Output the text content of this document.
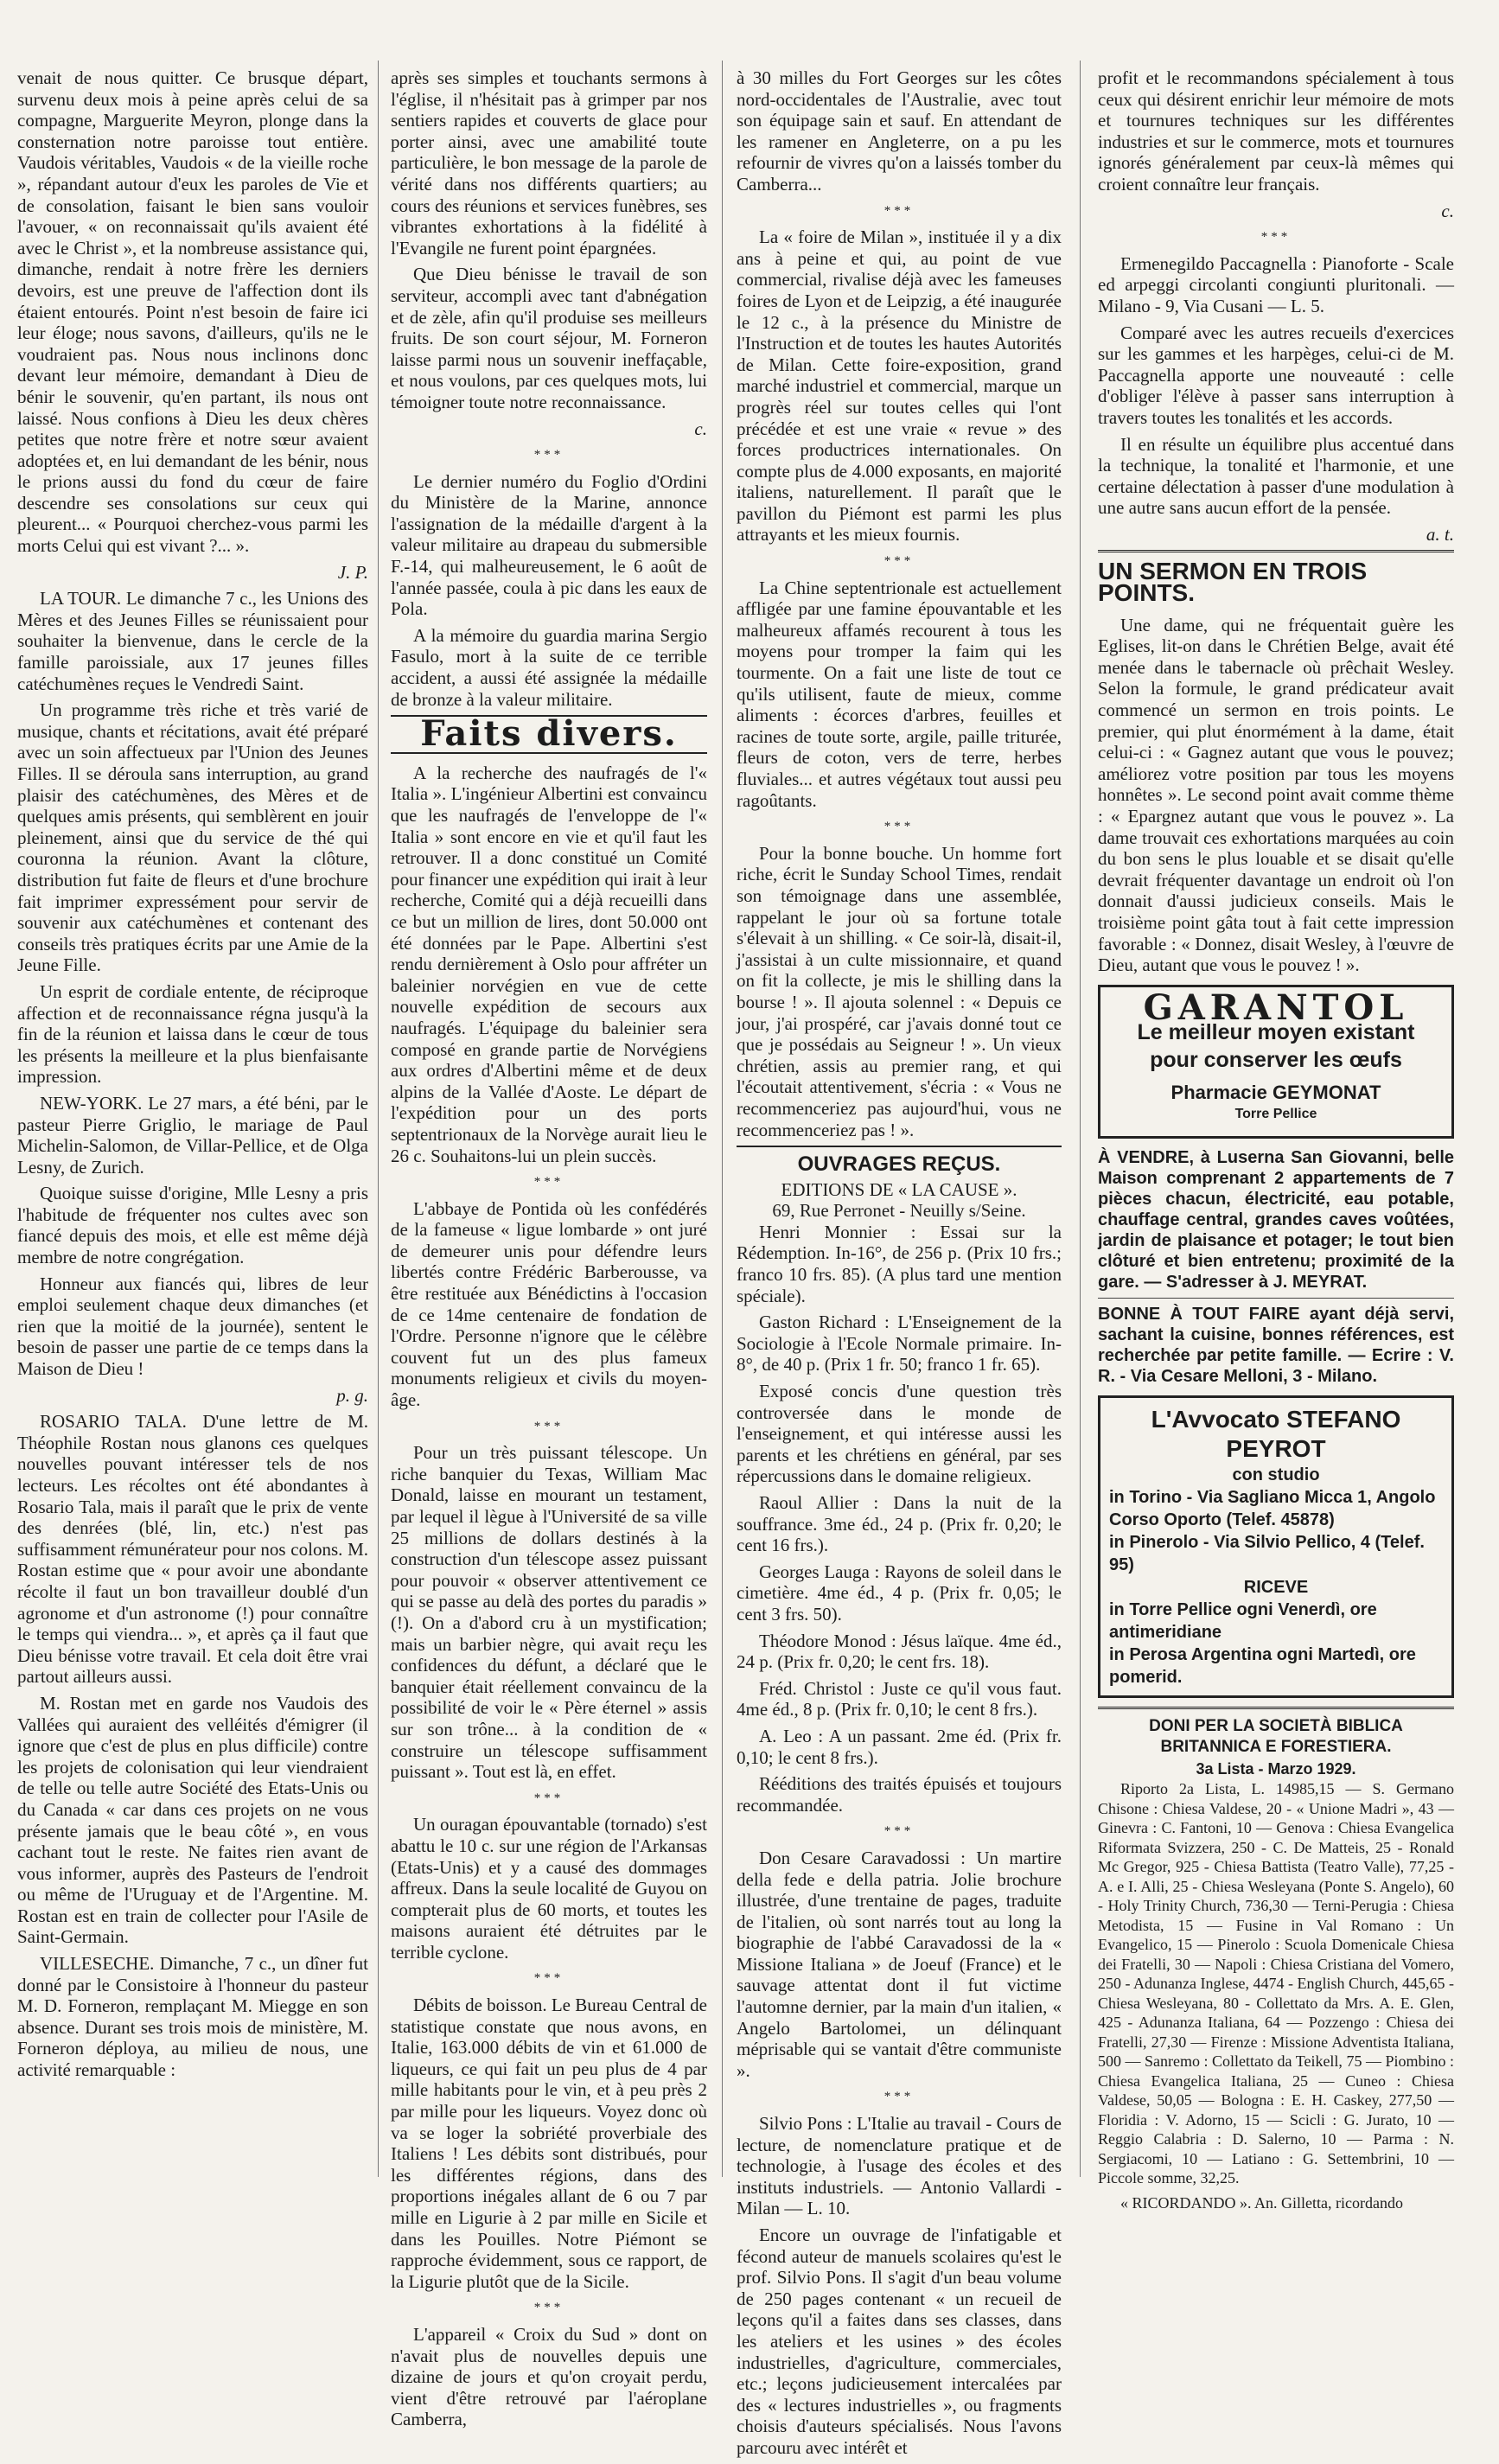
venait de nous quitter. Ce brusque départ, survenu deux mois à peine après celui de sa compagne, Marguerite Meyron, plonge dans la consternation notre paroisse tout entière. Vaudois véritables, Vaudois « de la vieille roche », répandant autour d'eux les paroles de Vie et de consolation, faisant le bien sans vouloir l'avouer, « on reconnaissait qu'ils avaient été avec le Christ », et la nombreuse assistance qui, dimanche, rendait à notre frère les derniers devoirs, est une preuve de l'affection dont ils étaient entourés. Point n'est besoin de faire ici leur éloge; nous savons, d'ailleurs, qu'ils ne le voudraient pas. Nous nous inclinons donc devant leur mémoire, demandant à Dieu de bénir le souvenir, qu'en partant, ils nous ont laissé. Nous confions à Dieu les deux chères petites que notre frère et notre sœur avaient adoptées et, en lui demandant de les bénir, nous le prions aussi du fond du cœur de faire descendre ses consolations sur ceux qui pleurent... « Pourquoi cherchez-vous parmi les morts Celui qui est vivant ?... ».

J. P.

LA TOUR. Le dimanche 7 c., les Unions des Mères et des Jeunes Filles se réunissaient pour souhaiter la bienvenue, dans le cercle de la famille paroissiale, aux 17 jeunes filles catéchumènes reçues le Vendredi Saint.

Un programme très riche et très varié de musique, chants et récitations, avait été préparé avec un soin affectueux par l'Union des Jeunes Filles. Il se déroula sans interruption, au grand plaisir des catéchumènes, des Mères et de quelques amis présents, qui semblèrent en jouir pleinement, ainsi que du service de thé qui couronna la réunion. Avant la clôture, distribution fut faite de fleurs et d'une brochure fait imprimer expressément pour servir de souvenir aux catéchumènes et contenant des conseils très pratiques écrits par une Amie de la Jeune Fille.

Un esprit de cordiale entente, de réciproque affection et de reconnaissance régna jusqu'à la fin de la réunion et laissa dans le cœur de tous les présents la meilleure et la plus bienfaisante impression.

NEW-YORK. Le 27 mars, a été béni, par le pasteur Pierre Griglio, le mariage de Paul Michelin-Salomon, de Villar-Pellice, et de Olga Lesny, de Zurich.

Quoique suisse d'origine, Mlle Lesny a pris l'habitude de fréquenter nos cultes avec son fiancé depuis des mois, et elle est même déjà membre de notre congrégation.

Honneur aux fiancés qui, libres de leur emploi seulement chaque deux dimanches (et rien que la moitié de la journée), sentent le besoin de passer une partie de ce temps dans la Maison de Dieu !

p. g.

ROSARIO TALA. D'une lettre de M. Théophile Rostan nous glanons ces quelques nouvelles pouvant intéresser tels de nos lecteurs. Les récoltes ont été abondantes à Rosario Tala, mais il paraît que le prix de vente des denrées (blé, lin, etc.) n'est pas suffisamment rémunérateur pour nos colons. M. Rostan estime que « pour avoir une abondante récolte il faut un bon travailleur doublé d'un agronome et d'un astronome (!) pour connaître le temps qui viendra... », et après ça il faut que Dieu bénisse votre travail. Et cela doit être vrai partout ailleurs aussi.

M. Rostan met en garde nos Vaudois des Vallées qui auraient des velléités d'émigrer (il ignore que c'est de plus en plus difficile) contre les projets de colonisation qui leur viendraient de telle ou telle autre Société des Etats-Unis ou du Canada « car dans ces projets on ne vous présente jamais que le beau côté », en vous cachant tout le reste. Ne faites rien avant de vous informer, auprès des Pasteurs de l'endroit ou même de l'Uruguay et de l'Argentine. M. Rostan est en train de collecter pour l'Asile de Saint-Germain.

VILLESECHE. Dimanche, 7 c., un dîner fut donné par le Consistoire à l'honneur du pasteur M. D. Forneron, remplaçant M. Miegge en son absence. Durant ses trois mois de ministère, M. Forneron déploya, au milieu de nous, une activité remarquable :

après ses simples et touchants sermons à l'église, il n'hésitait pas à grimper par nos sentiers rapides et couverts de glace pour porter ainsi, avec une amabilité toute particulière, le bon message de la parole de vérité dans nos différents quartiers; au cours des réunions et services funèbres, ses vibrantes exhortations à la fidélité à l'Evangile ne furent point épargnées.

Que Dieu bénisse le travail de son serviteur, accompli avec tant d'abnégation et de zèle, afin qu'il produise ses meilleurs fruits. De son court séjour, M. Forneron laisse parmi nous un souvenir ineffaçable, et nous voulons, par ces quelques mots, lui témoigner toute notre reconnaissance.

c.
***

Le dernier numéro du Foglio d'Ordini du Ministère de la Marine, annonce l'assignation de la médaille d'argent à la valeur militaire au drapeau du submersible F.-14, qui malheureusement, le 6 août de l'année passée, coula à pic dans les eaux de Pola.

A la mémoire du guardia marina Sergio Fasulo, mort à la suite de ce terrible accident, a aussi été assignée la médaille de bronze à la valeur militaire.

Faits divers.

A la recherche des naufragés de l'« Italia ». L'ingénieur Albertini est convaincu que les naufragés de l'enveloppe de l'« Italia » sont encore en vie et qu'il faut les retrouver. Il a donc constitué un Comité pour financer une expédition qui irait à leur recherche, Comité qui a déjà recueilli dans ce but un million de lires, dont 50.000 ont été données par le Pape. Albertini s'est rendu dernièrement à Oslo pour affréter un baleinier norvégien en vue de cette nouvelle expédition de secours aux naufragés. L'équipage du baleinier sera composé en grande partie de Norvégiens aux ordres d'Albertini même et de deux alpins de la Vallée d'Aoste. Le départ de l'expédition pour un des ports septentrionaux de la Norvège aurait lieu le 26 c. Souhaitons-lui un plein succès.

***

L'abbaye de Pontida où les confédérés de la fameuse « ligue lombarde » ont juré de demeurer unis pour défendre leurs libertés contre Frédéric Barberousse, va être restituée aux Bénédictins à l'occasion de ce 14me centenaire de fondation de l'Ordre. Personne n'ignore que le célèbre couvent fut un des plus fameux monuments religieux et civils du moyen-âge.

***

Pour un très puissant télescope. Un riche banquier du Texas, William Mac Donald, laisse en mourant un testament, par lequel il lègue à l'Université de sa ville 25 millions de dollars destinés à la construction d'un télescope assez puissant pour pouvoir « observer attentivement ce qui se passe au delà des portes du paradis » (!). On a d'abord cru à un mystification; mais un barbier nègre, qui avait reçu les confidences du défunt, a déclaré que le banquier était réellement convaincu de la possibilité de voir le « Père éternel » assis sur son trône... à la condition de « construire un télescope suffisamment puissant ». Tout est là, en effet.

***

Un ouragan épouvantable (tornado) s'est abattu le 10 c. sur une région de l'Arkansas (Etats-Unis) et y a causé des dommages affreux. Dans la seule localité de Guyou on compterait plus de 60 morts, et toutes les maisons auraient été détruites par le terrible cyclone.

***

Débits de boisson. Le Bureau Central de statistique constate que nous avons, en Italie, 163.000 débits de vin et 61.000 de liqueurs, ce qui fait un peu plus de 4 par mille habitants pour le vin, et à peu près 2 par mille pour les liqueurs. Voyez donc où va se loger la sobriété proverbiale des Italiens ! Les débits sont distribués, pour les différentes régions, dans des proportions inégales allant de 6 ou 7 par mille en Ligurie à 2 par mille en Sicile et dans les Pouilles. Notre Piémont se rapproche évidemment, sous ce rapport, de la Ligurie plutôt que de la Sicile.

***

L'appareil « Croix du Sud » dont on n'avait plus de nouvelles depuis une dizaine de jours et qu'on croyait perdu, vient d'être retrouvé par l'aéroplane Camberra,

à 30 milles du Fort Georges sur les côtes nord-occidentales de l'Australie, avec tout son équipage sain et sauf. En attendant de les ramener en Angleterre, on a pu les refournir de vivres qu'on a laissés tomber du Camberra...

***

La « foire de Milan », instituée il y a dix ans à peine et qui, au point de vue commercial, rivalise déjà avec les fameuses foires de Lyon et de Leipzig, a été inaugurée le 12 c., à la présence du Ministre de l'Instruction et de toutes les hautes Autorités de Milan. Cette foire-exposition, grand marché industriel et commercial, marque un progrès réel sur toutes celles qui l'ont précédée et est une vraie « revue » des forces productrices internationales. On compte plus de 4.000 exposants, en majorité italiens, naturellement. Il paraît que le pavillon du Piémont est parmi les plus attrayants et les mieux fournis.

***

La Chine septentrionale est actuellement affligée par une famine épouvantable et les malheureux affamés recourent à tous les moyens pour tromper la faim qui les tourmente. On a fait une liste de tout ce qu'ils utilisent, faute de mieux, comme aliments : écorces d'arbres, feuilles et racines de toute sorte, argile, paille triturée, fleurs de coton, vers de terre, herbes fluviales... et autres végétaux tout aussi peu ragoûtants.

***

Pour la bonne bouche. Un homme fort riche, écrit le Sunday School Times, rendait son témoignage dans une assemblée, rappelant le jour où sa fortune totale s'élevait à un shilling. « Ce soir-là, disait-il, j'assistai à un culte missionnaire, et quand on fit la collecte, je mis le shilling dans la bourse ! ». Il ajouta solennel : « Depuis ce jour, j'ai prospéré, car j'avais donné tout ce que je possédais au Seigneur ! ». Un vieux chrétien, assis au premier rang, et qui l'écoutait attentivement, s'écria : « Vous ne recommenceriez pas aujourd'hui, vous ne recommenceriez pas ! ».

OUVRAGES REÇUS.
EDITIONS DE « LA CAUSE ».
69, Rue Perronet - Neuilly s/Seine.

Henri Monnier : Essai sur la Rédemption. In-16°, de 256 p. (Prix 10 frs.; franco 10 frs. 85). (A plus tard une mention spéciale).

Gaston Richard : L'Enseignement de la Sociologie à l'Ecole Normale primaire. In-8°, de 40 p. (Prix 1 fr. 50; franco 1 fr. 65).

Exposé concis d'une question très controversée dans le monde de l'enseignement, et qui intéresse aussi les parents et les chrétiens en général, par ses répercussions dans le domaine religieux.

Raoul Allier : Dans la nuit de la souffrance. 3me éd., 24 p. (Prix fr. 0,20; le cent 16 frs.).

Georges Lauga : Rayons de soleil dans le cimetière. 4me éd., 4 p. (Prix fr. 0,05; le cent 3 frs. 50).

Théodore Monod : Jésus laïque. 4me éd., 24 p. (Prix fr. 0,20; le cent frs. 18).

Fréd. Christol : Juste ce qu'il vous faut. 4me éd., 8 p. (Prix fr. 0,10; le cent 8 frs.).

A. Leo : A un passant. 2me éd. (Prix fr. 0,10; le cent 8 frs.).

Rééditions des traités épuisés et toujours recommandée.

***

Don Cesare Caravadossi : Un martire della fede e della patria. Jolie brochure illustrée, d'une trentaine de pages, traduite de l'italien, où sont narrés tout au long la biographie de l'abbé Caravadossi de la « Missione Italiana » de Joeuf (France) et le sauvage attentat dont il fut victime l'automne dernier, par la main d'un italien, « Angelo Bartolomei, un délinquant méprisable qui se vantait d'être communiste ».

***

Silvio Pons : L'Italie au travail - Cours de lecture, de nomenclature pratique et de technologie, à l'usage des écoles et des instituts industriels. — Antonio Vallardi - Milan — L. 10.

Encore un ouvrage de l'infatigable et fécond auteur de manuels scolaires qu'est le prof. Silvio Pons. Il s'agit d'un beau volume de 250 pages contenant « un recueil de leçons qu'il a faites dans ses classes, dans les ateliers et les usines » des écoles industrielles, d'agriculture, commerciales, etc.; leçons judicieusement intercalées par des « lectures industrielles », ou fragments choisis d'auteurs spécialisés. Nous l'avons parcouru avec intérêt et

profit et le recommandons spécialement à tous ceux qui désirent enrichir leur mémoire de mots et tournures techniques sur les différentes industries et sur le commerce, mots et tournures ignorés généralement par ceux-là mêmes qui croient connaître leur français.

c.
***

Ermenegildo Paccagnella : Pianoforte - Scale ed arpeggi circolanti congiunti pluritonali. — Milano - 9, Via Cusani — L. 5.

Comparé avec les autres recueils d'exercices sur les gammes et les harpèges, celui-ci de M. Paccagnella apporte une nouveauté : celle d'obliger l'élève à passer sans interruption à travers toutes les tonalités et les accords.

Il en résulte un équilibre plus accentué dans la technique, la tonalité et l'harmonie, et une certaine délectation à passer d'une modulation à une autre sans aucun effort de la pensée.

a. t.
UN SERMON EN TROIS POINTS.

Une dame, qui ne fréquentait guère les Eglises, lit-on dans le Chrétien Belge, avait été menée dans le tabernacle où prêchait Wesley. Selon la formule, le grand prédicateur avait commencé un sermon en trois points. Le premier, qui plut énormément à la dame, était celui-ci : « Gagnez autant que vous le pouvez; améliorez votre position par tous les moyens honnêtes ». Le second point avait comme thème : « Epargnez autant que vous le pouvez ». La dame trouvait ces exhortations marquées au coin du bon sens le plus louable et se disait qu'elle devrait fréquenter davantage un endroit où l'on donnait d'aussi judicieux conseils. Mais le troisième point gâta tout à fait cette impression favorable : « Donnez, disait Wesley, à l'œuvre de Dieu, autant que vous le pouvez ! ».

GARANTOL
Le meilleur moyen existant
pour conserver les œufs
Pharmacie GEYMONAT
Torre Pellice

À VENDRE, à Luserna San Giovanni, belle Maison comprenant 2 appartements de 7 pièces chacun, électricité, eau potable, chauffage central, grandes caves voûtées, jardin de plaisance et potager; le tout bien clôturé et bien entretenu; proximité de la gare. — S'adresser à J. MEYRAT.

BONNE À TOUT FAIRE ayant déjà servi, sachant la cuisine, bonnes références, est recherchée par petite famille. — Ecrire : V. R. - Via Cesare Melloni, 3 - Milano.

L'Avvocato STEFANO PEYROT
con studio
in Torino - Via Sagliano Micca 1, Angolo Corso Oporto (Telef. 45878)
in Pinerolo - Via Silvio Pellico, 4 (Telef. 95)
RICEVE
in Torre Pellice ogni Venerdì, ore antimeridiane
in Perosa Argentina ogni Martedì, ore pomerid.
DONI PER LA SOCIETÀ BIBLICA BRITANNICA E FORESTIERA.
3a Lista - Marzo 1929.

Riporto 2a Lista, L. 14985,15 — S. Germano Chisone : Chiesa Valdese, 20 - « Unione Madri », 43 — Ginevra : C. Fantoni, 10 — Genova : Chiesa Evangelica Riformata Svizzera, 250 - C. De Matteis, 25 - Ronald Mc Gregor, 925 - Chiesa Battista (Teatro Valle), 77,25 - A. e I. Alli, 25 - Chiesa Wesleyana (Ponte S. Angelo), 60 - Holy Trinity Church, 736,30 — Terni-Perugia : Chiesa Metodista, 15 — Fusine in Val Romano : Un Evangelico, 15 — Pinerolo : Scuola Domenicale Chiesa dei Fratelli, 30 — Napoli : Chiesa Cristiana del Vomero, 250 - Adunanza Inglese, 4474 - English Church, 445,65 - Chiesa Wesleyana, 80 - Collettato da Mrs. A. E. Glen, 425 - Adunanza Italiana, 64 — Pozzengo : Chiesa dei Fratelli, 27,30 — Firenze : Missione Adventista Italiana, 500 — Sanremo : Collettato da Teikell, 75 — Piombino : Chiesa Evangelica Italiana, 25 — Cuneo : Chiesa Valdese, 50,05 — Bologna : E. H. Caskey, 277,50 — Floridia : V. Adorno, 15 — Scicli : G. Jurato, 10 — Reggio Calabria : D. Salerno, 10 — Parma : N. Sergiacomi, 10 — Latiano : G. Settembrini, 10 — Piccole somme, 32,25.

« RICORDANDO ». An. Gilletta, ricordando
